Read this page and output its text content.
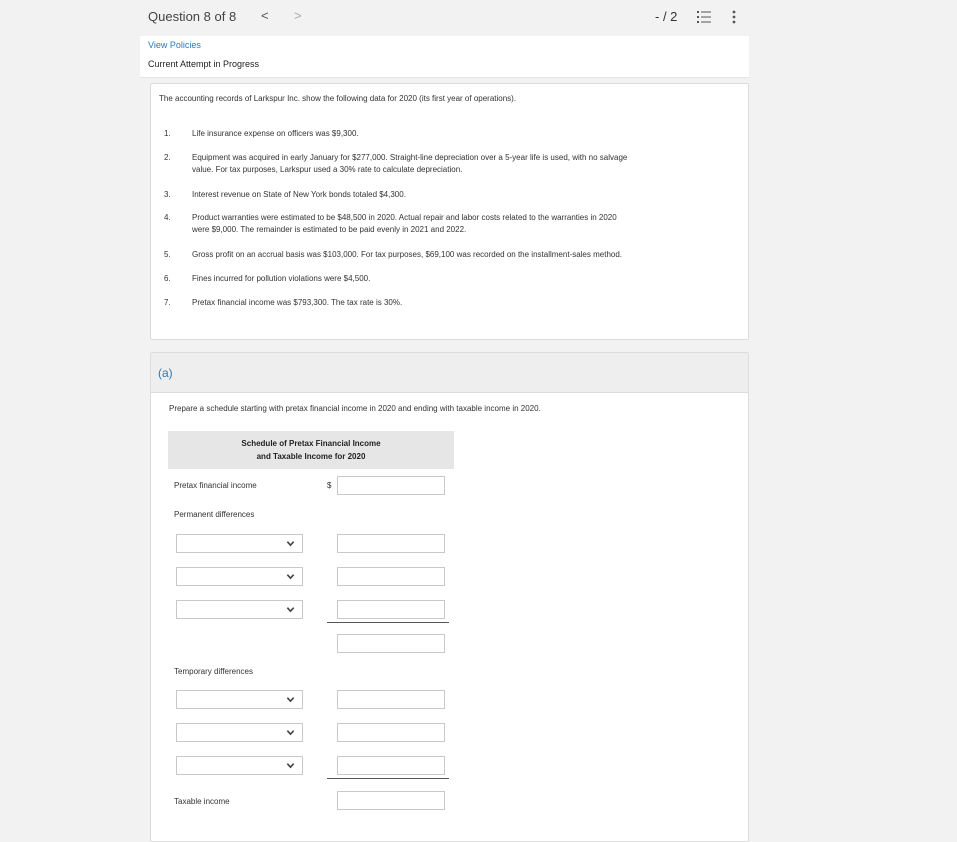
Question 8 of 8 < >	- / 2
View Policies
Current Attempt in Progress
The accounting records of Larkspur Inc. show the following data for 2020 (its first year of operations).
1.	Life insurance expense on officers was $9,300.
2.	Equipment was acquired in early January for $277,000. Straight-line depreciation over a 5-year life is used, with no salvage
value. For tax purposes, Larkspur used a 30% rate to calculate depreciation.
3.	Interest revenue on State of New York bonds totaled $4,300.
4.	Product warranties were estimated to be $48,500 in 2020. Actual repair and labor costs related to the warranties in 2020
were $9,000. The remainder is estimated to be paid evenly in 2021 and 2022.
5.	Gross profit on an accrual basis was $103,000. For tax purposes, $69,100 was recorded on the installment-sales method.
6.	Fines incurred for pollution violations were $4,500.
7.	Pretax financial income was $793,300. The tax rate is 30%.
(a)
Prepare a schedule starting with pretax financial income in 2020 and ending with taxable income in 2020.
Schedule of Pretax Financial Income
and Taxable Income for 2020
Pretax financial income	$
Permanent differences
Temporary differences
Taxable income
